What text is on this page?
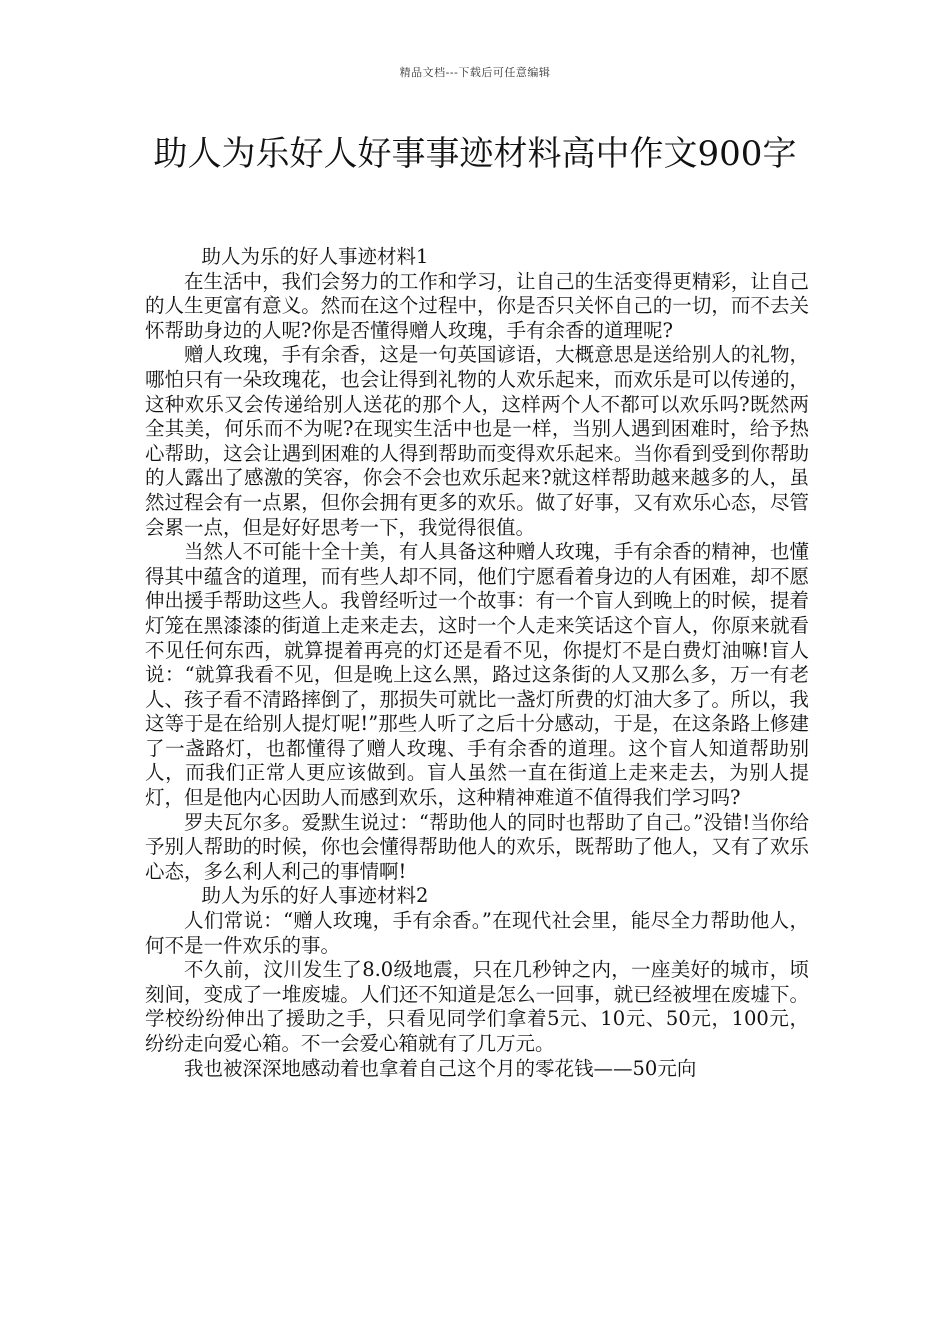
精品文档---下载后可任意编辑
助人为乐好人好事事迹材料高中作文900字

助人为乐的好人事迹材料1

在生活中，我们会努力的工作和学习，让自己的生活变得更精彩，让自己的人生更富有意义。然而在这个过程中，你是否只关怀自己的一切，而不去关怀帮助身边的人呢?你是否懂得赠人玫瑰，手有余香的道理呢?

赠人玫瑰，手有余香，这是一句英国谚语，大概意思是送给别人的礼物，哪怕只有一朵玫瑰花，也会让得到礼物的人欢乐起来，而欢乐是可以传递的，这种欢乐又会传递给别人送花的那个人，这样两个人不都可以欢乐吗?既然两全其美，何乐而不为呢?在现实生活中也是一样，当别人遇到困难时，给予热心帮助，这会让遇到困难的人得到帮助而变得欢乐起来。当你看到受到你帮助的人露出了感激的笑容，你会不会也欢乐起来?就这样帮助越来越多的人，虽然过程会有一点累，但你会拥有更多的欢乐。做了好事，又有欢乐心态，尽管会累一点，但是好好思考一下，我觉得很值。

当然人不可能十全十美，有人具备这种赠人玫瑰，手有余香的精神，也懂得其中蕴含的道理，而有些人却不同，他们宁愿看着身边的人有困难，却不愿伸出援手帮助这些人。我曾经听过一个故事：有一个盲人到晚上的时候，提着灯笼在黑漆漆的街道上走来走去，这时一个人走来笑话这个盲人，你原来就看不见任何东西，就算提着再亮的灯还是看不见，你提灯不是白费灯油嘛!盲人说：“就算我看不见，但是晚上这么黑，路过这条街的人又那么多，万一有老人、孩子看不清路摔倒了，那损失可就比一盏灯所费的灯油大多了。所以，我这等于是在给别人提灯呢!”那些人听了之后十分感动，于是，在这条路上修建了一盏路灯，也都懂得了赠人玫瑰、手有余香的道理。这个盲人知道帮助别人，而我们正常人更应该做到。盲人虽然一直在街道上走来走去，为别人提灯，但是他内心因助人而感到欢乐，这种精神难道不值得我们学习吗?

罗夫瓦尔多。爱默生说过：“帮助他人的同时也帮助了自己。”没错!当你给予别人帮助的时候，你也会懂得帮助他人的欢乐，既帮助了他人，又有了欢乐心态，多么利人利己的事情啊!

助人为乐的好人事迹材料2

人们常说：“赠人玫瑰，手有余香。”在现代社会里，能尽全力帮助他人，何不是一件欢乐的事。

不久前，汶川发生了8.0级地震，只在几秒钟之内，一座美好的城市，顷刻间，变成了一堆废墟。人们还不知道是怎么一回事，就已经被埋在废墟下。学校纷纷伸出了援助之手，只看见同学们拿着5元、10元、50元，100元，纷纷走向爱心箱。不一会爱心箱就有了几万元。

我也被深深地感动着也拿着自己这个月的零花钱——50元向
